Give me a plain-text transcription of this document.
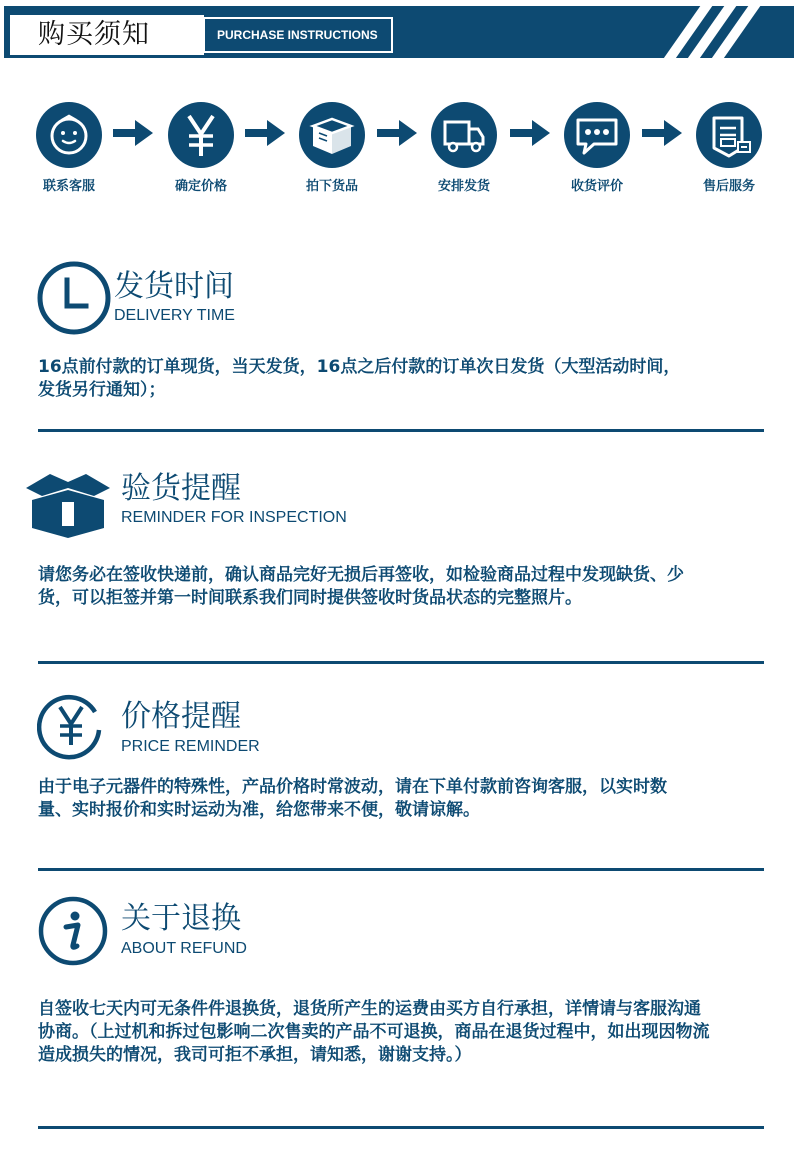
购买须知	PURCHASE INSTRUCTIONS
联系客服	确定价格	拍下货品	安排发货	收货评价	售后服务
发货时间
DELIVERY TIME
16点前付款的订单现货，当天发货，16点之后付款的订单次日发货（大型活动时间，发货另行通知）；
验货提醒
REMINDER FOR INSPECTION
请您务必在签收快递前，确认商品完好无损后再签收，如检验商品过程中发现缺货、少货，可以拒签并第一时间联系我们同时提供签收时货品状态的完整照片。
价格提醒
PRICE REMINDER
由于电子元器件的特殊性，产品价格时常波动，请在下单付款前咨询客服，以实时数量、实时报价和实时运动为准，给您带来不便，敬请谅解。
关于退换
ABOUT REFUND
自签收七天内可无条件件退换货，退货所产生的运费由买方自行承担，详情请与客服沟通协商。（上过机和拆过包影响二次售卖的产品不可退换，商品在退货过程中，如出现因物流造成损失的情况，我司可拒不承担，请知悉，谢谢支持。）
